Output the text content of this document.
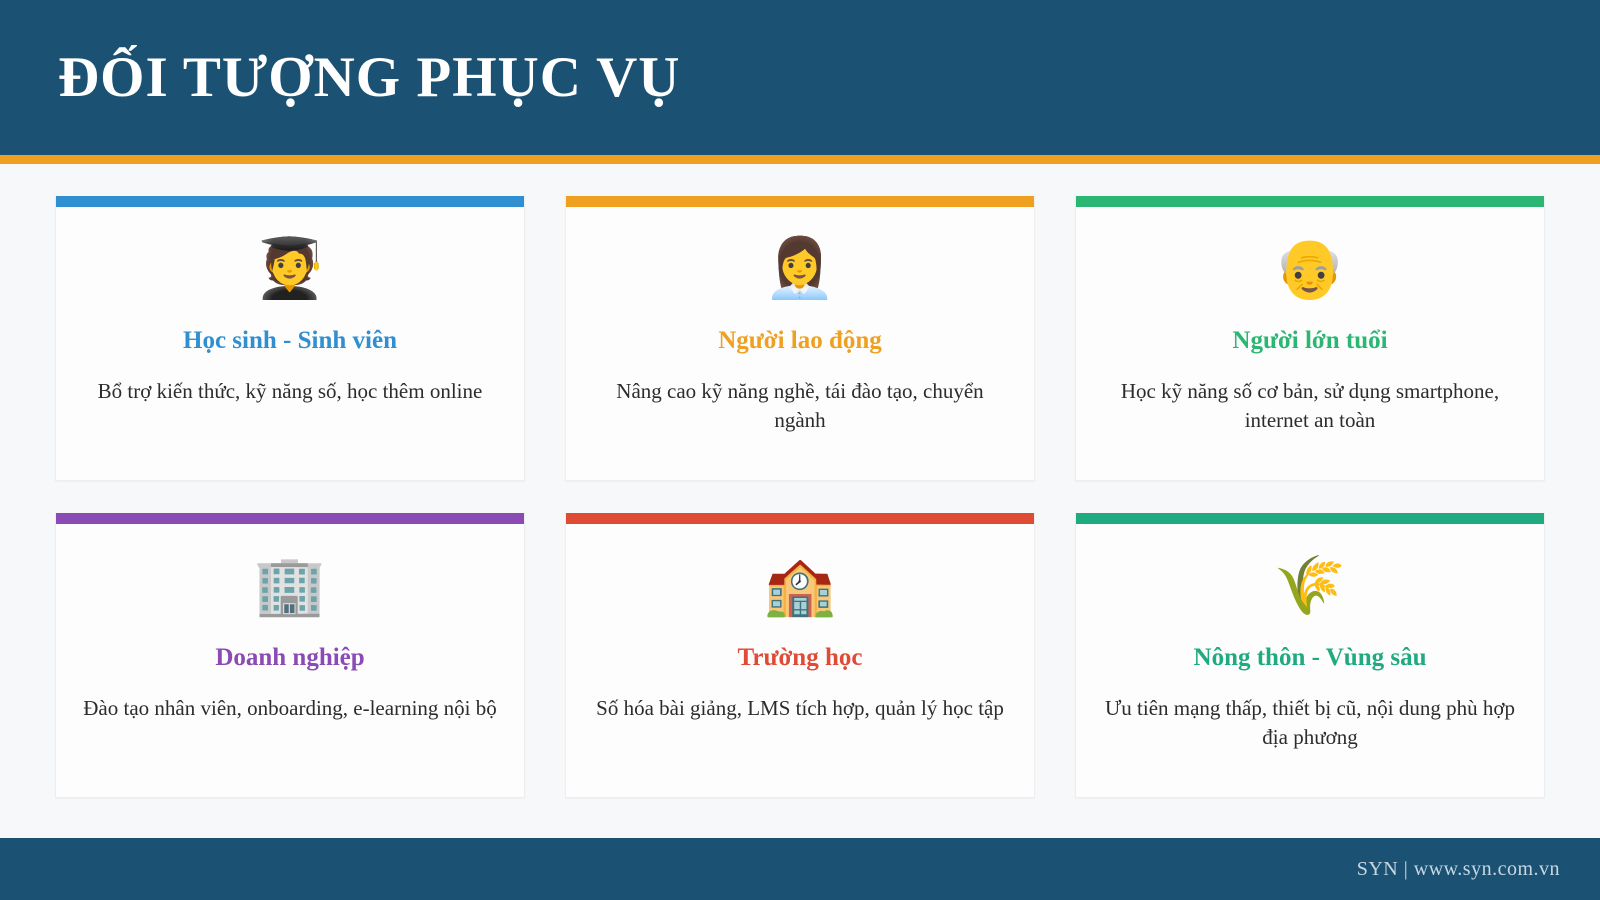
ĐỐI TƯỢNG PHỤC VỤ
🧑‍🎓
Học sinh - Sinh viên
Bổ trợ kiến thức, kỹ năng số, học thêm online
👩‍💼
Người lao động
Nâng cao kỹ năng nghề, tái đào tạo, chuyển ngành
👴
Người lớn tuổi
Học kỹ năng số cơ bản, sử dụng smartphone, internet an toàn
🏢
Doanh nghiệp
Đào tạo nhân viên, onboarding, e-learning nội bộ
🏫
Trường học
Số hóa bài giảng, LMS tích hợp, quản lý học tập
🌾
Nông thôn - Vùng sâu
Ưu tiên mạng thấp, thiết bị cũ, nội dung phù hợp địa phương
SYN | www.syn.com.vn
